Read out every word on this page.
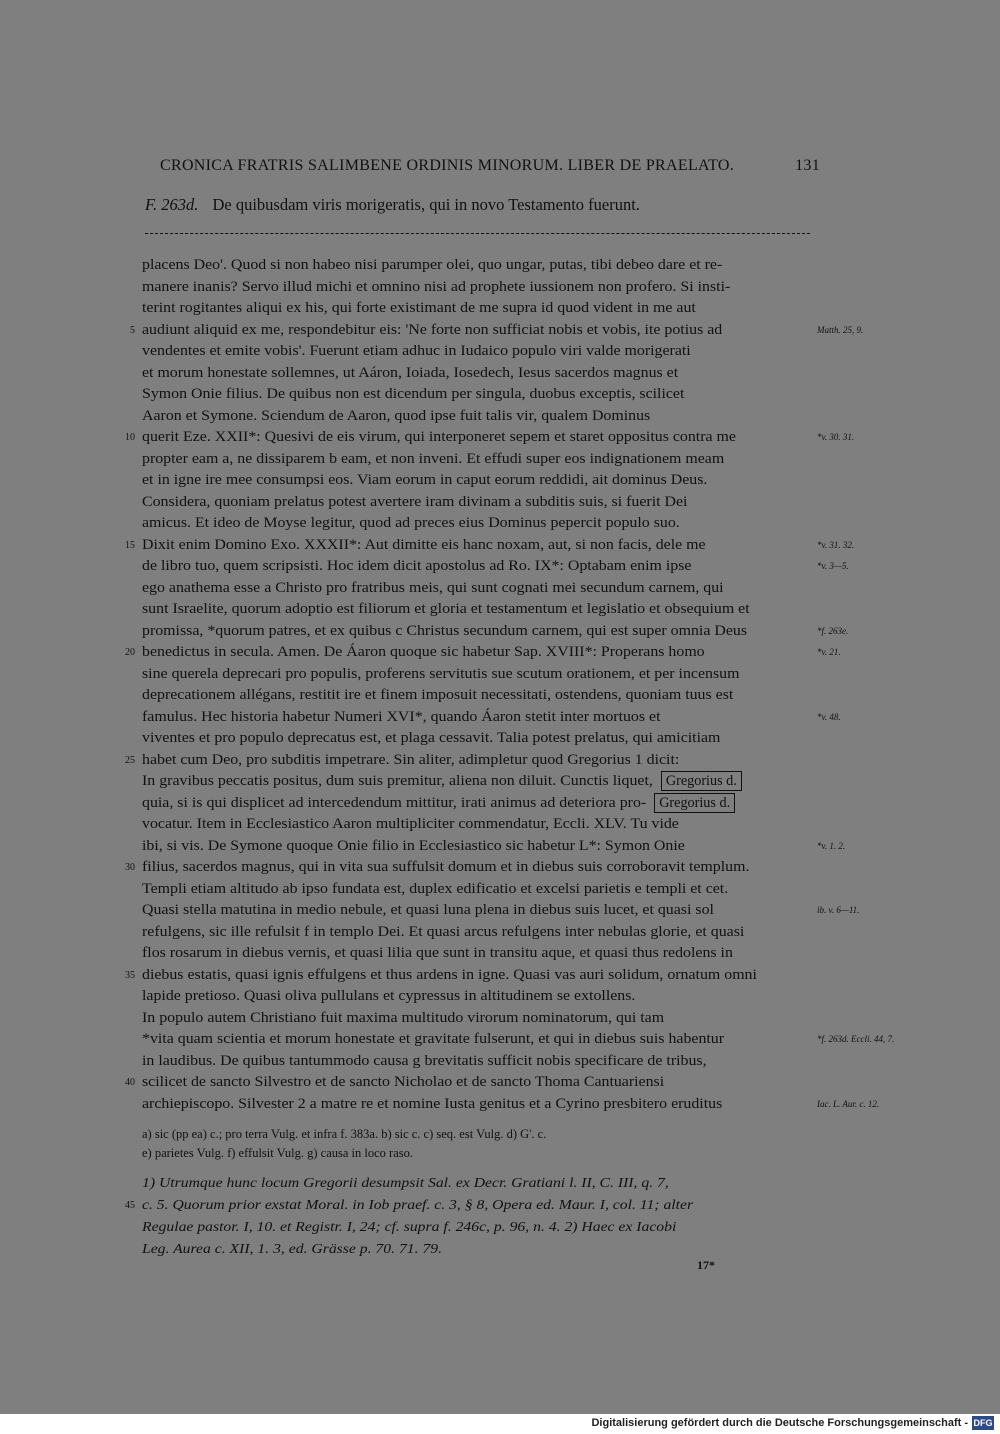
CRONICA FRATRIS SALIMBENE ORDINIS MINORUM. LIBER DE PRAELATO.	131
F. 263d. De quibusdam viris morigeratis, qui in novo Testamento fuerunt.
placens Deo'. Quod si non habeo nisi parumper olei, quo ungar, putas, tibi debeo dare et re-
manere inanis? Servo illud michi et omnino nisi ad prophete iussionem non profero. Si insti-
terint rogitantes aliqui ex his, qui forte existimant de me supra id quod vident in me aut
5 audiunt aliquid ex me, respondebitur eis: 'Ne forte non sufficiat nobis et vobis, ite potius ad	Matth. 25, 9.
vendentes et emite vobis'. Fuerunt etiam adhuc in Iudaico populo viri valde morigerati
et morum honestate sollemnes, ut Aáron, Ioiada, Iosedech, Iesus sacerdos magnus et
Symon Onie filius. De quibus non est dicendum per singula, duobus exceptis, scilicet
Aaron et Symone. Sciendum de Aaron, quod ipse fuit talis vir, qualem Dominus
10 querit Eze. XXII*: Quesivi de eis virum, qui interponeret sepem et staret oppositus contra me	*v. 30. 31.
propter eam a, ne dissiparem b eam, et non inveni. Et effudi super eos indignationem meam
et in igne ire mee consumpsi eos. Viam eorum in caput eorum reddidi, ait dominus Deus.
Considera, quoniam prelatus potest avertere iram divinam a subditis suis, si fuerit Dei
amicus. Et ideo de Moyse legitur, quod ad preces eius Dominus pepercit populo suo.
15 Dixit enim Domino Exo. XXXII*: Aut dimitte eis hanc noxam, aut, si non facis, dele me	*v. 31. 32.
de libro tuo, quem scripsisti. Hoc idem dicit apostolus ad Ro. IX*: Optabam enim ipse	*v. 3—5.
ego anathema esse a Christo pro fratribus meis, qui sunt cognati mei secundum carnem, qui
sunt Israelite, quorum adoptio est filiorum et gloria et testamentum et legislatio et obsequium et
promissa, *quorum patres, et ex quibus c Christus secundum carnem, qui est super omnia Deus	*f. 263e.
20 benedictus in secula. Amen. De Áaron quoque sic habetur Sap. XVIII*: Properans homo	*v. 21.
sine querela deprecari pro populis, proferens servitutis sue scutum orationem, et per incensum
deprecationem allégans, restitit ire et finem imposuit necessitati, ostendens, quoniam tuus est
famulus. Hec historia habetur Numeri XVI*, quando Áaron stetit inter mortuos et	*v. 48.
viventes et pro populo deprecatus est, et plaga cessavit. Talia potest prelatus, qui amicitiam
25 habet cum Deo, pro subditis impetrare. Sin aliter, adimpletur quod Gregorius 1 dicit:
In gravibus peccatis positus, dum suis premitur, aliena non diluit. Cunctis liquet, Gregorius d.
quia, si is qui displicet ad intercedendum mittitur, irati animus ad deteriora pro- Gregorius d.
vocatur. Item in Ecclesiastico Aaron multipliciter commendatur, Eccli. XLV. Tu vide
ibi, si vis. De Symone quoque Onie filio in Ecclesiastico sic habetur L*: Symon Onie	*v. 1. 2.
30 filius, sacerdos magnus, qui in vita sua suffulsit domum et in diebus suis corroboravit templum.
Templi etiam altitudo ab ipso fundata est, duplex edificatio et excelsi parietis e templi et cet.
Quasi stella matutina in medio nebule, et quasi luna plena in diebus suis lucet, et quasi sol	ib. v. 6—11.
refulgens, sic ille refulsit f in templo Dei. Et quasi arcus refulgens inter nebulas glorie, et quasi
flos rosarum in diebus vernis, et quasi lilia que sunt in transitu aque, et quasi thus redolens in
35 diebus estatis, quasi ignis effulgens et thus ardens in igne. Quasi vas auri solidum, ornatum omni
lapide pretioso. Quasi oliva pullulans et cypressus in altitudinem se extollens.
In populo autem Christiano fuit maxima multitudo virorum nominatorum, qui tam
*vita quam scientia et morum honestate et gravitate fulserunt, et qui in diebus suis habentur	*f. 263d. Eccli. 44, 7.
in laudibus. De quibus tantummodo causa g brevitatis sufficit nobis specificare de tribus,
40 scilicet de sancto Silvestro et de sancto Nicholao et de sancto Thoma Cantuariensi
archiepiscopo. Silvester 2 a matre re et nomine Iusta genitus et a Cyrino presbitero eruditus	Iac. L. Aur. c. 12.
a) sic (pp ea) c.; pro terra Vulg. et infra f. 383a. b) sic c. c) seq. est Vulg. d) G'. c.
e) parietes Vulg. f) effulsit Vulg. g) causa in loco raso.
1) Utrumque hunc locum Gregorii desumpsit Sal. ex Decr. Gratiani l. II, C. III, q. 7,
45 c. 5. Quorum prior exstat Moral. in Iob praef. c. 3, § 8, Opera ed. Maur. I, col. 11; alter
Regulae pastor. I, 10. et Registr. I, 24; cf. supra f. 246c, p. 96, n. 4. 2) Haec ex Iacobi
Leg. Aurea c. XII, 1. 3, ed. Grässe p. 70. 71. 79.
17*
Digitalisierung gefördert durch die Deutsche Forschungsgemeinschaft - DFG
